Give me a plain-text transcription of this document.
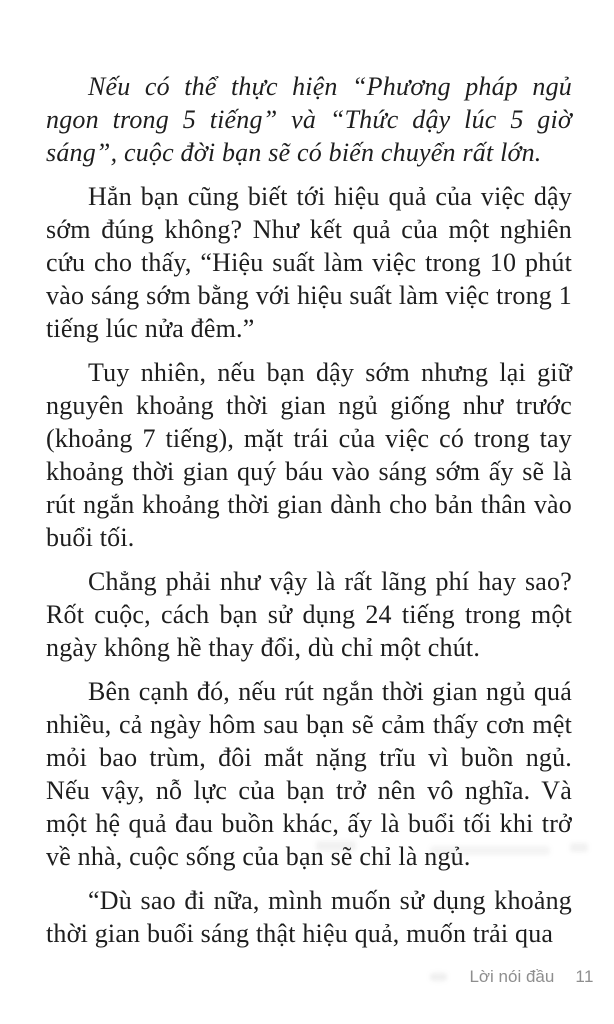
Nếu có thể thực hiện “Phương pháp ngủ ngon trong 5 tiếng” và “Thức dậy lúc 5 giờ sáng”, cuộc đời bạn sẽ có biến chuyển rất lớn.

Hẳn bạn cũng biết tới hiệu quả của việc dậy sớm đúng không? Như kết quả của một nghiên cứu cho thấy, “Hiệu suất làm việc trong 10 phút vào sáng sớm bằng với hiệu suất làm việc trong 1 tiếng lúc nửa đêm.”

Tuy nhiên, nếu bạn dậy sớm nhưng lại giữ nguyên khoảng thời gian ngủ giống như trước (khoảng 7 tiếng), mặt trái của việc có trong tay khoảng thời gian quý báu vào sáng sớm ấy sẽ là rút ngắn khoảng thời gian dành cho bản thân vào buổi tối.

Chẳng phải như vậy là rất lãng phí hay sao? Rốt cuộc, cách bạn sử dụng 24 tiếng trong một ngày không hề thay đổi, dù chỉ một chút.

Bên cạnh đó, nếu rút ngắn thời gian ngủ quá nhiều, cả ngày hôm sau bạn sẽ cảm thấy cơn mệt mỏi bao trùm, đôi mắt nặng trĩu vì buồn ngủ. Nếu vậy, nỗ lực của bạn trở nên vô nghĩa. Và một hệ quả đau buồn khác, ấy là buổi tối khi trở về nhà, cuộc sống của bạn sẽ chỉ là ngủ.

“Dù sao đi nữa, mình muốn sử dụng khoảng thời gian buổi sáng thật hiệu quả, muốn trải qua

Lời nói đầu 11
